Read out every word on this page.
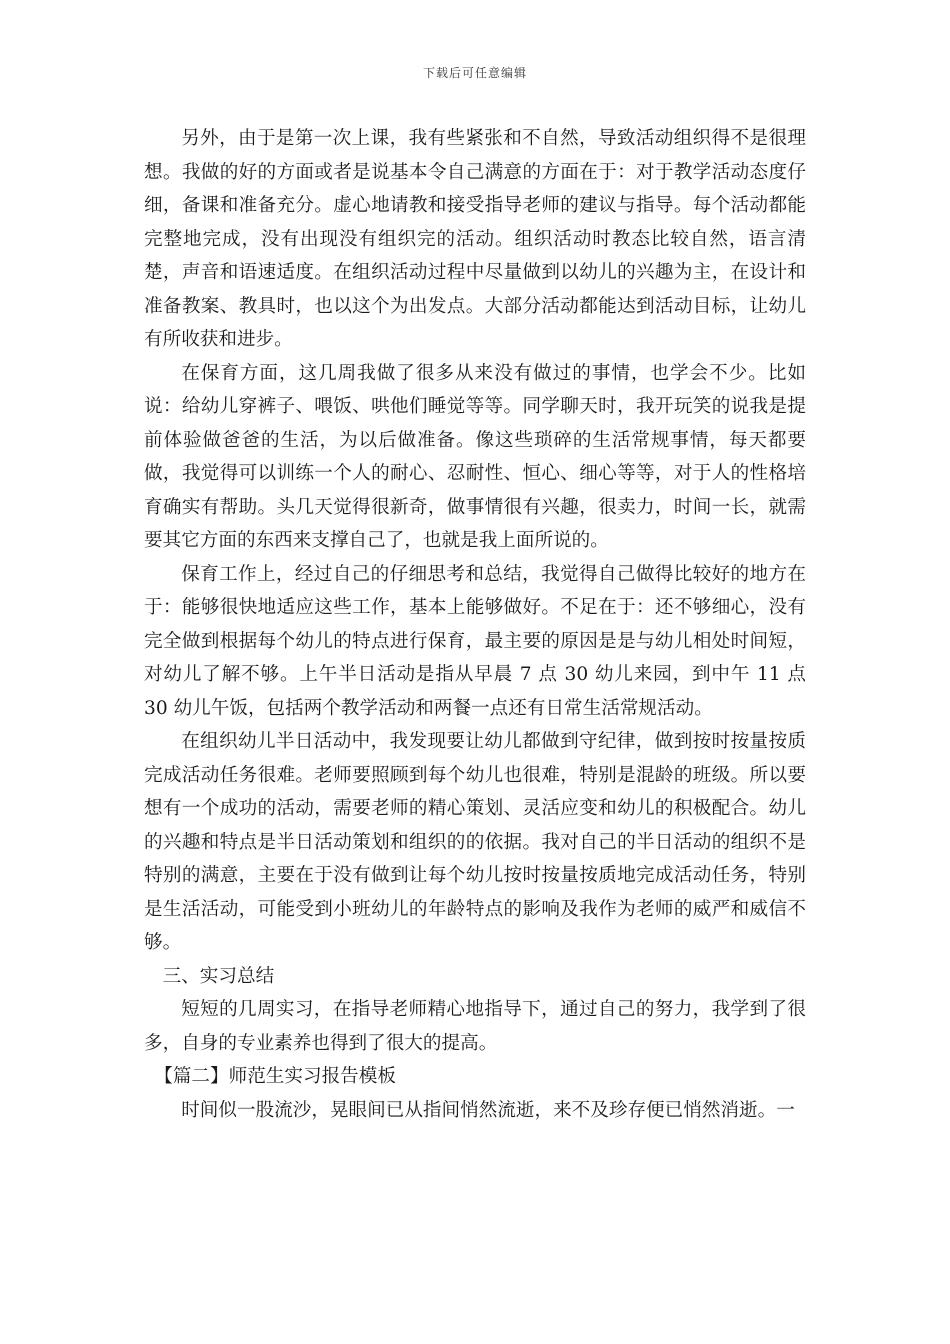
下载后可任意编辑

另外，由于是第一次上课，我有些紧张和不自然，导致活动组织得不是很理想。我做的好的方面或者是说基本令自己满意的方面在于：对于教学活动态度仔细，备课和准备充分。虚心地请教和接受指导老师的建议与指导。每个活动都能完整地完成，没有出现没有组织完的活动。组织活动时教态比较自然，语言清楚，声音和语速适度。在组织活动过程中尽量做到以幼儿的兴趣为主，在设计和准备教案、教具时，也以这个为出发点。大部分活动都能达到活动目标，让幼儿有所收获和进步。

在保育方面，这几周我做了很多从来没有做过的事情，也学会不少。比如说：给幼儿穿裤子、喂饭、哄他们睡觉等等。同学聊天时，我开玩笑的说我是提前体验做爸爸的生活，为以后做准备。像这些琐碎的生活常规事情，每天都要做，我觉得可以训练一个人的耐心、忍耐性、恒心、细心等等，对于人的性格培育确实有帮助。头几天觉得很新奇，做事情很有兴趣，很卖力，时间一长，就需要其它方面的东西来支撑自己了，也就是我上面所说的。

保育工作上，经过自己的仔细思考和总结，我觉得自己做得比较好的地方在于：能够很快地适应这些工作，基本上能够做好。不足在于：还不够细心，没有完全做到根据每个幼儿的特点进行保育，最主要的原因是是与幼儿相处时间短，对幼儿了解不够。上午半日活动是指从早晨 7 点 30 幼儿来园，到中午 11 点 30 幼儿午饭，包括两个教学活动和两餐一点还有日常生活常规活动。

在组织幼儿半日活动中，我发现要让幼儿都做到守纪律，做到按时按量按质完成活动任务很难。老师要照顾到每个幼儿也很难，特别是混龄的班级。所以要想有一个成功的活动，需要老师的精心策划、灵活应变和幼儿的积极配合。幼儿的兴趣和特点是半日活动策划和组织的的依据。我对自己的半日活动的组织不是特别的满意，主要在于没有做到让每个幼儿按时按量按质地完成活动任务，特别是生活活动，可能受到小班幼儿的年龄特点的影响及我作为老师的威严和威信不够。

三、实习总结

短短的几周实习，在指导老师精心地指导下，通过自己的努力，我学到了很多，自身的专业素养也得到了很大的提高。

【篇二】师范生实习报告模板

时间似一股流沙，晃眼间已从指间悄然流逝，来不及珍存便已悄然消逝。一
